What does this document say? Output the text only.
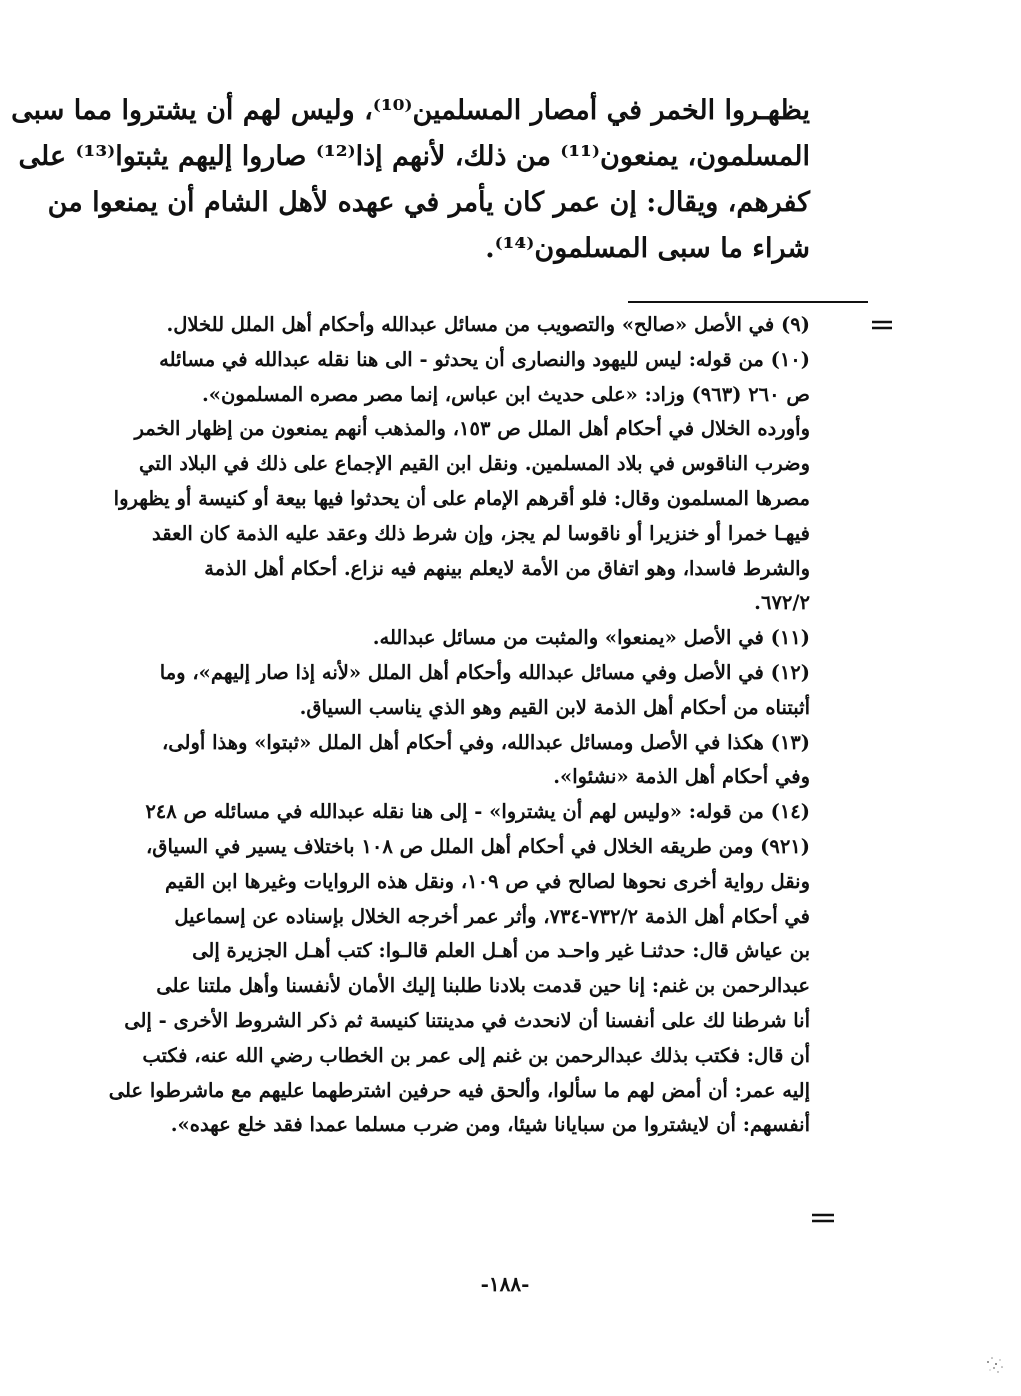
يظهـروا الخمر في أمصار المسلمين⁽¹⁰⁾، وليس لهم أن يشتروا مما سبى
المسلمون، يمنعون⁽¹¹⁾ من ذلك، لأنهم إذا⁽¹²⁾ صاروا إليهم يثبتوا⁽¹³⁾ على
كفرهم، ويقال: إن عمر كان يأمر في عهده لأهل الشام أن يمنعوا من
شراء ما سبى المسلمون⁽¹⁴⁾.
(٩) في الأصل «صالح» والتصويب من مسائل عبدالله وأحكام أهل الملل للخلال.
(١٠) من قوله: ليس لليهود والنصارى أن يحدثو - الى هنا نقله عبدالله في مسائله
ص ٢٦٠ (٩٦٣) وزاد: «على حديث ابن عباس، إنما مصر مصره المسلمون».
وأورده الخلال في أحكام أهل الملل ص ١٥٣، والمذهب أنهم يمنعون من إظهار الخمر
وضرب الناقوس في بلاد المسلمين. ونقل ابن القيم الإجماع على ذلك في البلاد التي
مصرها المسلمون وقال: فلو أقرهم الإمام على أن يحدثوا فيها بيعة أو كنيسة أو يظهروا
فيهـا خمرا أو خنزيرا أو ناقوسا لم يجز، وإن شرط ذلك وعقد عليه الذمة كان العقد
والشرط فاسدا، وهو اتفاق من الأمة لايعلم بينهم فيه نزاع. أحكام أهل الذمة
٦٧٢/٢.
(١١) في الأصل «يمنعوا» والمثبت من مسائل عبدالله.
(١٢) في الأصل وفي مسائل عبدالله وأحكام أهل الملل «لأنه إذا صار إليهم»، وما
أثبتناه من أحكام أهل الذمة لابن القيم وهو الذي يناسب السياق.
(١٣) هكذا في الأصل ومسائل عبدالله، وفي أحكام أهل الملل «ثبتوا» وهذا أولى،
وفي أحكام أهل الذمة «نشئوا».
(١٤) من قوله: «وليس لهم أن يشتروا» - إلى هنا نقله عبدالله في مسائله ص ٢٤٨
(٩٢١) ومن طريقه الخلال في أحكام أهل الملل ص ١٠٨ باختلاف يسير في السياق،
ونقل رواية أخرى نحوها لصالح في ص ١٠٩، ونقل هذه الروايات وغيرها ابن القيم
في أحكام أهل الذمة ٧٣٢/٢-٧٣٤، وأثر عمر أخرجه الخلال بإسناده عن إسماعيل
بن عياش قال: حدثنـا غير واحـد من أهـل العلم قالـوا: كتب أهـل الجزيرة إلى
عبدالرحمن بن غنم: إنا حين قدمت بلادنا طلبنا إليك الأمان لأنفسنا وأهل ملتنا على
أنا شرطنا لك على أنفسنا أن لانحدث في مدينتنا كنيسة ثم ذكر الشروط الأخرى - إلى
أن قال: فكتب بذلك عبدالرحمن بن غنم إلى عمر بن الخطاب رضي الله عنه، فكتب
إليه عمر: أن أمض لهم ما سألوا، وألحق فيه حرفين اشترطهما عليهم مع ماشرطوا على
أنفسهم: أن لايشتروا من سبايانا شيئا، ومن ضرب مسلما عمدا فقد خلع عهده».
-١٨٨-
